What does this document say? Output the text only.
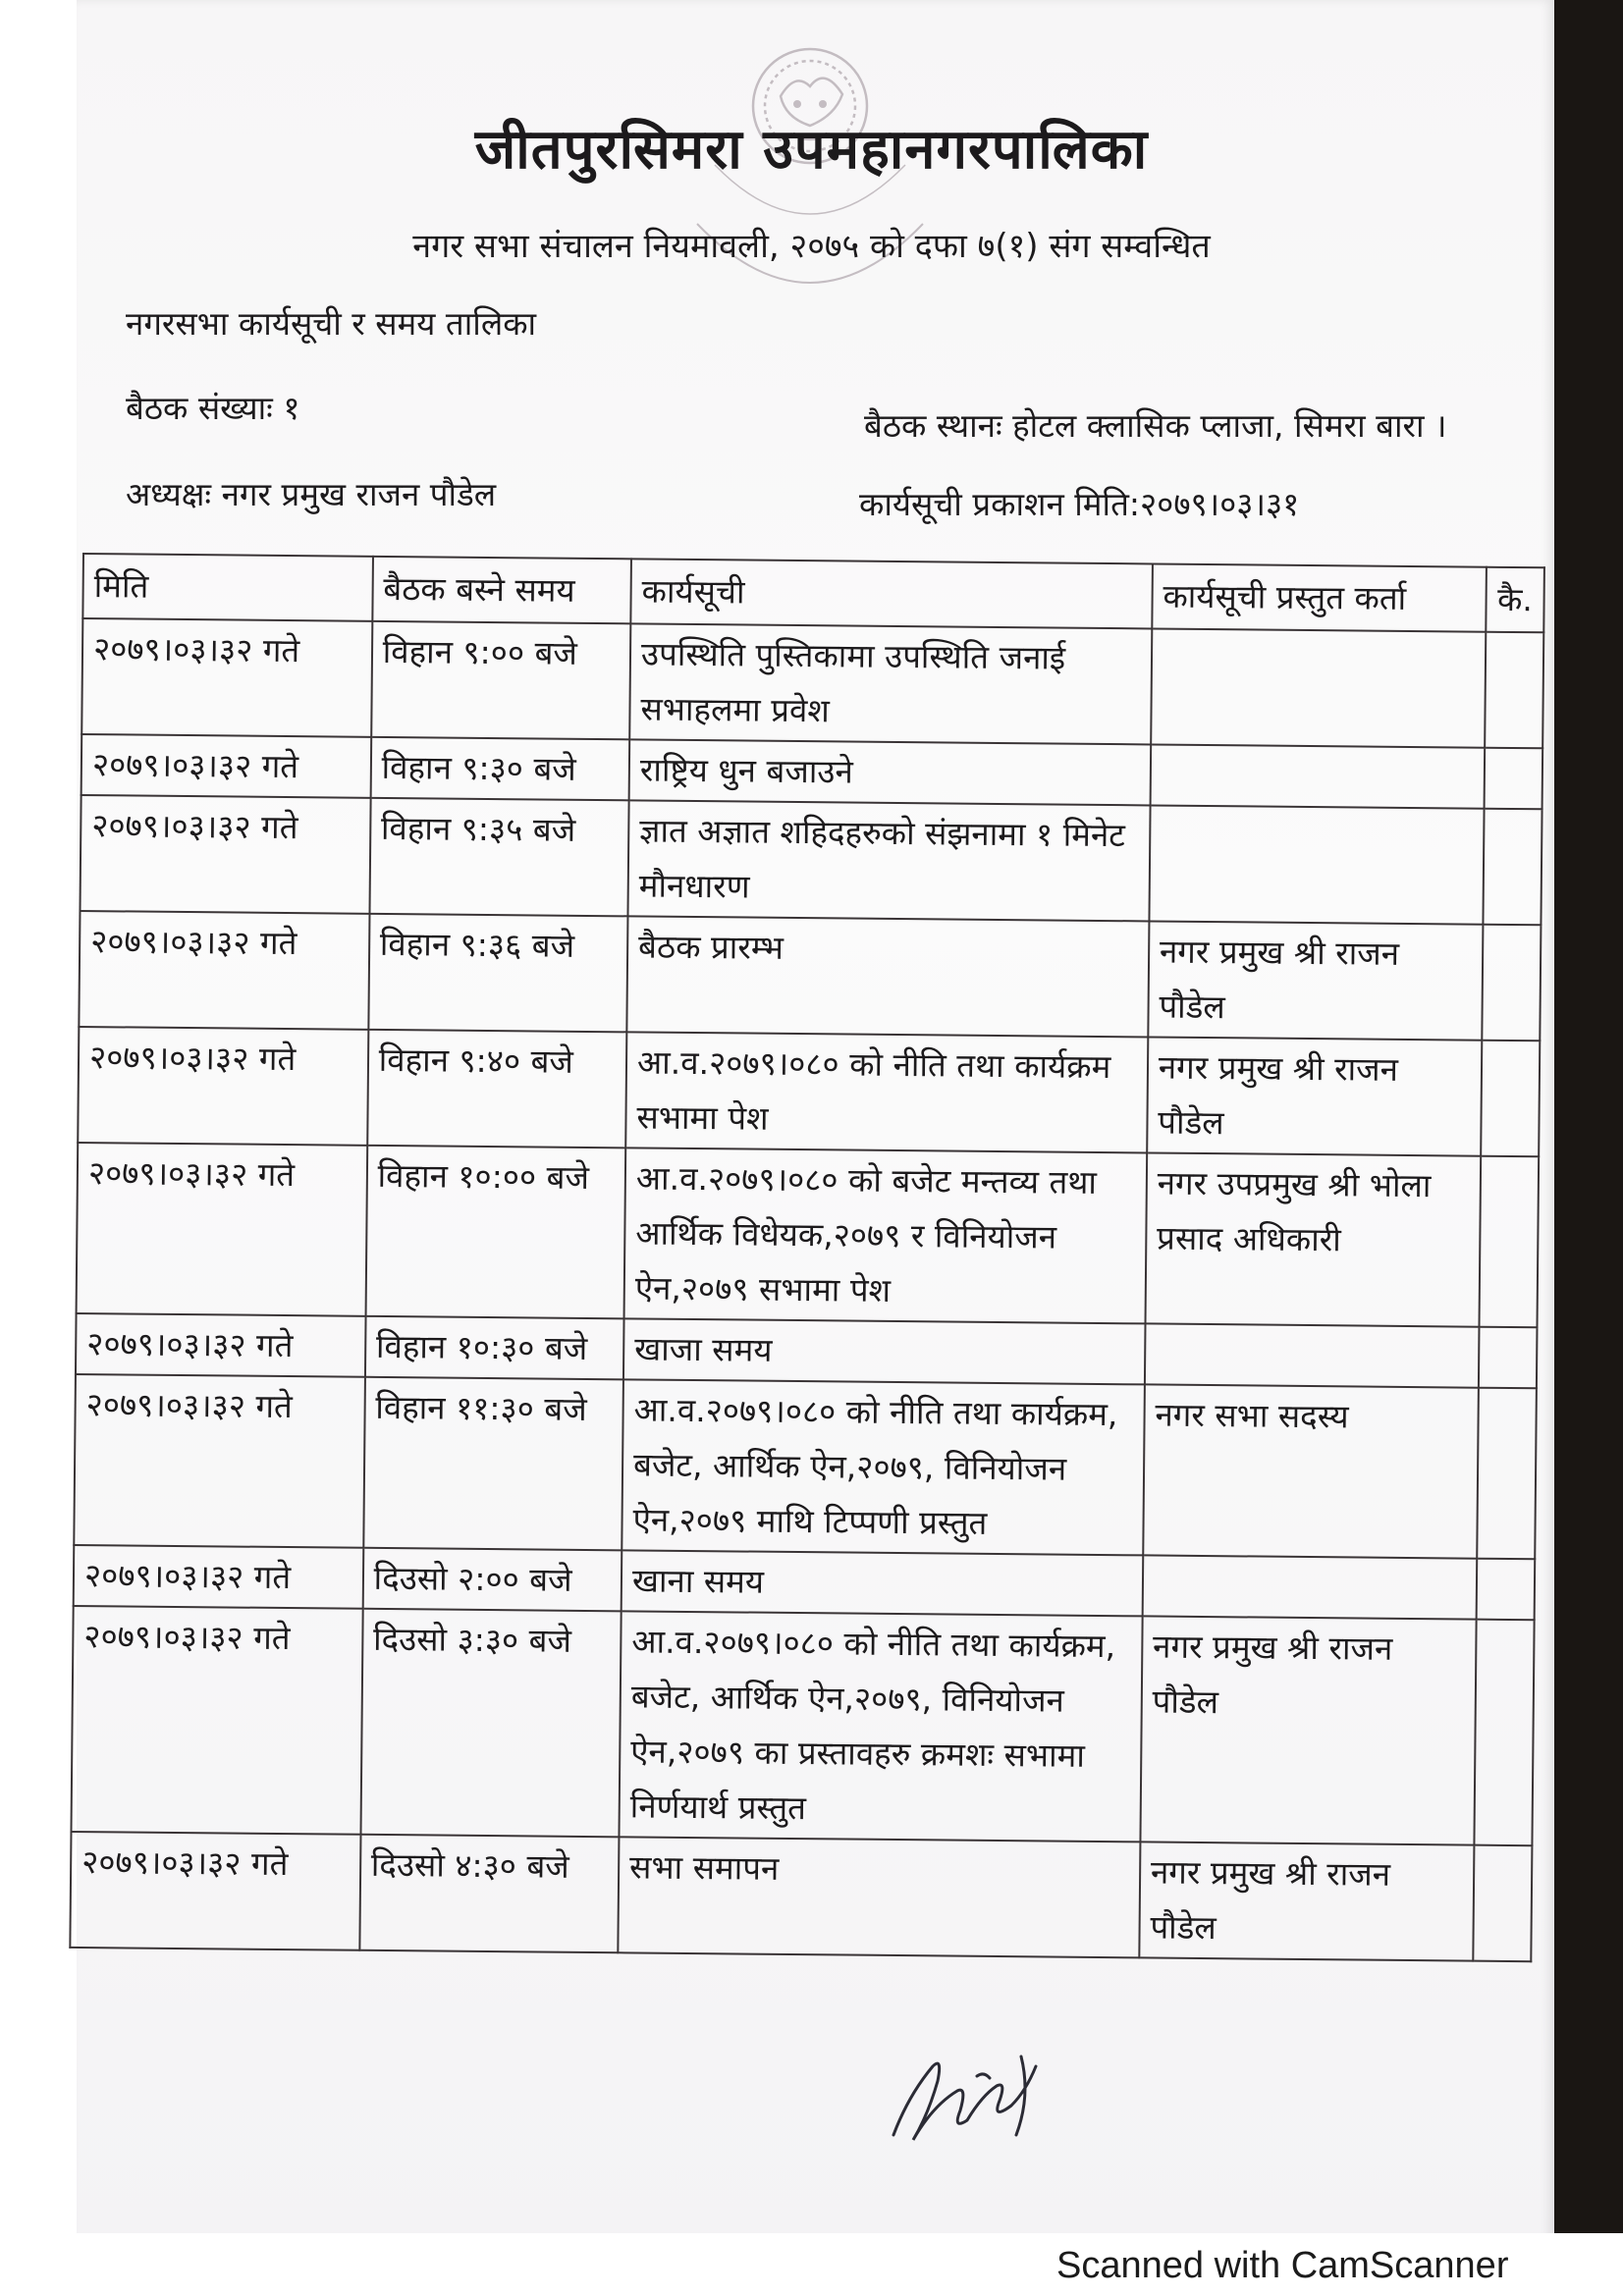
जीतपुरसिमरा उपमहानगरपालिका
नगर सभा संचालन नियमावली, २०७५ को दफा ७(१) संग सम्वन्धित
नगरसभा कार्यसूची र समय तालिका
बैठक संख्याः १	बैठक स्थानः होटल क्लासिक प्लाजा, सिमरा बारा ।
अध्यक्षः नगर प्रमुख राजन पौडेल	कार्यसूची प्रकाशन मिति:२०७९।०३।३१
मिति	बैठक बस्ने समय	कार्यसूची	कार्यसूची प्रस्तुत कर्ता	कै.
२०७९।०३।३२ गते	विहान ९:०० बजे	उपस्थिति पुस्तिकामा उपस्थिति जनाई सभाहलमा प्रवेश		
२०७९।०३।३२ गते	विहान ९:३० बजे	राष्ट्रिय धुन बजाउने		
२०७९।०३।३२ गते	विहान ९:३५ बजे	ज्ञात अज्ञात शहिदहरुको संझनामा १ मिनेट मौनधारण		
२०७९।०३।३२ गते	विहान ९:३६ बजे	बैठक प्रारम्भ	नगर प्रमुख श्री राजन पौडेल	
२०७९।०३।३२ गते	विहान ९:४० बजे	आ.व.२०७९।०८० को नीति तथा कार्यक्रम सभामा पेश	नगर प्रमुख श्री राजन पौडेल	
२०७९।०३।३२ गते	विहान १०:०० बजे	आ.व.२०७९।०८० को बजेट मन्तव्य तथा आर्थिक विधेयक,२०७९ र विनियोजन ऐन,२०७९ सभामा पेश	नगर उपप्रमुख श्री भोला प्रसाद अधिकारी	
२०७९।०३।३२ गते	विहान १०:३० बजे	खाजा समय		
२०७९।०३।३२ गते	विहान ११:३० बजे	आ.व.२०७९।०८० को नीति तथा कार्यक्रम, बजेट, आर्थिक ऐन,२०७९, विनियोजन ऐन,२०७९ माथि टिप्पणी प्रस्तुत	नगर सभा सदस्य	
२०७९।०३।३२ गते	दिउसो २:०० बजे	खाना समय		
२०७९।०३।३२ गते	दिउसो ३:३० बजे	आ.व.२०७९।०८० को नीति तथा कार्यक्रम, बजेट, आर्थिक ऐन,२०७९, विनियोजन ऐन,२०७९ का प्रस्तावहरु क्रमशः सभामा निर्णयार्थ प्रस्तुत	नगर प्रमुख श्री राजन पौडेल	
२०७९।०३।३२ गते	दिउसो ४:३० बजे	सभा समापन	नगर प्रमुख श्री राजन पौडेल	
Scanned with CamScanner
